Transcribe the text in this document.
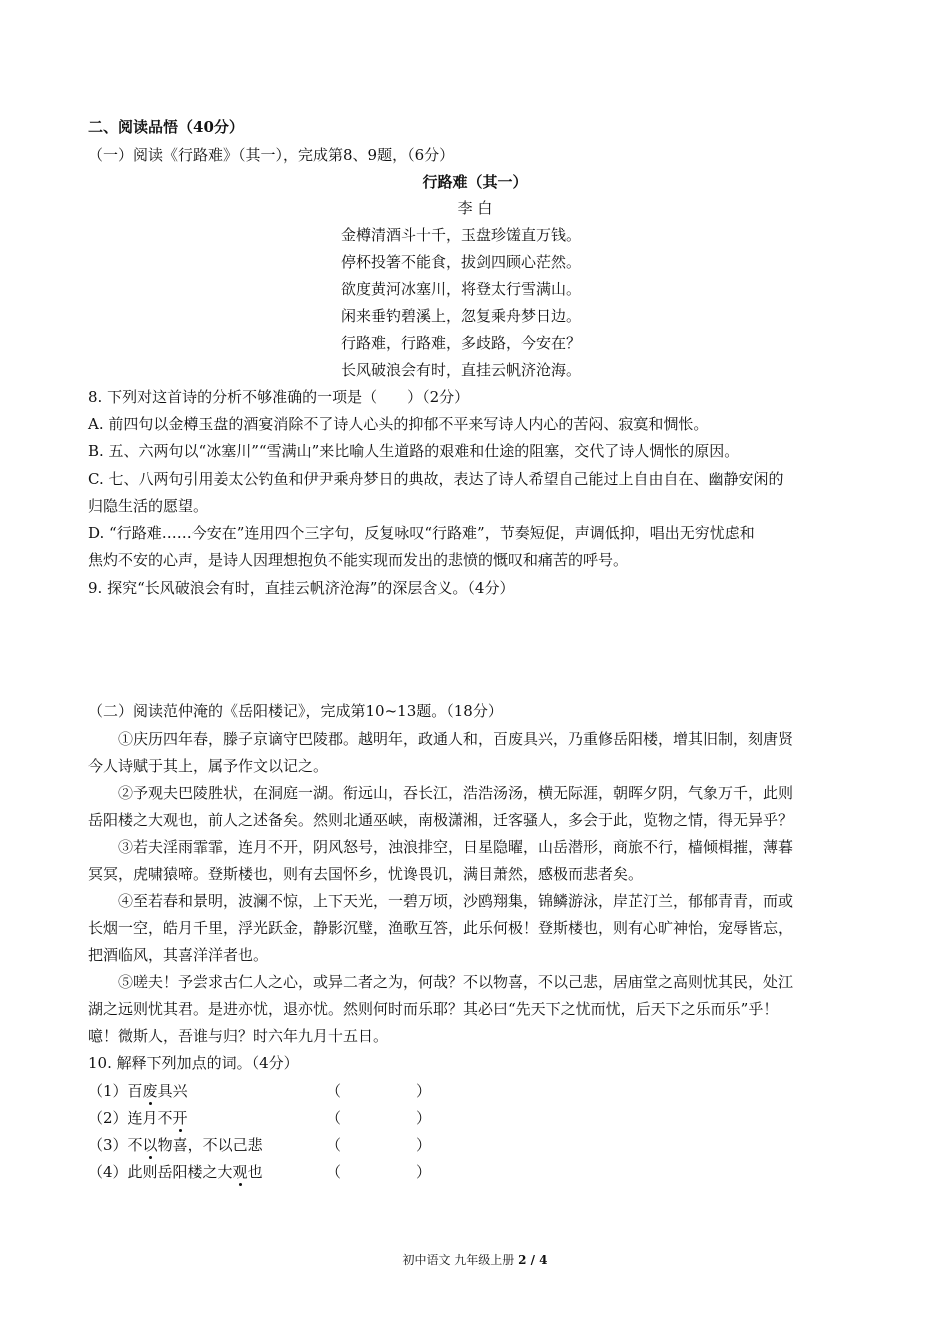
二、阅读品悟（40分）
（一）阅读《行路难》（其一），完成第8、9题，（6分）
行路难（其一）
李 白
金樽清酒斗十千，玉盘珍馐直万钱。
停杯投箸不能食，拔剑四顾心茫然。
欲度黄河冰塞川，将登太行雪满山。
闲来垂钓碧溪上，忽复乘舟梦日边。
行路难，行路难，多歧路，今安在？
长风破浪会有时，直挂云帆济沧海。
8. 下列对这首诗的分析不够准确的一项是（　　）（2分）
A. 前四句以金樽玉盘的酒宴消除不了诗人心头的抑郁不平来写诗人内心的苦闷、寂寞和惆怅。
B. 五、六两句以“冰塞川”“雪满山”来比喻人生道路的艰难和仕途的阻塞，交代了诗人惆怅的原因。
C. 七、八两句引用姜太公钓鱼和伊尹乘舟梦日的典故，表达了诗人希望自己能过上自由自在、幽静安闲的
归隐生活的愿望。
D. “行路难……今安在”连用四个三字句，反复咏叹“行路难”，节奏短促，声调低抑，唱出无穷忧虑和
焦灼不安的心声，是诗人因理想抱负不能实现而发出的悲愤的慨叹和痛苦的呼号。
9. 探究“长风破浪会有时，直挂云帆济沧海”的深层含义。（4分）
（二）阅读范仲淹的《岳阳楼记》，完成第10~13题。（18分）
①庆历四年春，滕子京谪守巴陵郡。越明年，政通人和，百废具兴，乃重修岳阳楼，增其旧制，刻唐贤
今人诗赋于其上，属予作文以记之。
②予观夫巴陵胜状，在洞庭一湖。衔远山，吞长江，浩浩汤汤，横无际涯，朝晖夕阴，气象万千，此则
岳阳楼之大观也，前人之述备矣。然则北通巫峡，南极潇湘，迁客骚人，多会于此，览物之情，得无异乎？
③若夫淫雨霏霏，连月不开，阴风怒号，浊浪排空，日星隐曜，山岳潜形，商旅不行，樯倾楫摧，薄暮
冥冥，虎啸猿啼。登斯楼也，则有去国怀乡，忧谗畏讥，满目萧然，感极而悲者矣。
④至若春和景明，波澜不惊，上下天光，一碧万顷，沙鸥翔集，锦鳞游泳，岸芷汀兰，郁郁青青，而或
长烟一空，皓月千里，浮光跃金，静影沉璧，渔歌互答，此乐何极！登斯楼也，则有心旷神怡，宠辱皆忘，
把酒临风，其喜洋洋者也。
⑤嗟夫！予尝求古仁人之心，或异二者之为，何哉？不以物喜，不以己悲，居庙堂之高则忧其民，处江
湖之远则忧其君。是进亦忧，退亦忧。然则何时而乐耶？其必曰“先天下之忧而忧，后天下之乐而乐”乎！
噫！微斯人，吾谁与归？时六年九月十五日。
10. 解释下列加点的词。（4分）
（1）百废具兴	（　　　　　）
（2）连月不开	（　　　　　）
（3）不以物喜，不以己悲	（　　　　　）
（4）此则岳阳楼之大观也	（　　　　　）
初中语文 九年级上册 2 / 4
